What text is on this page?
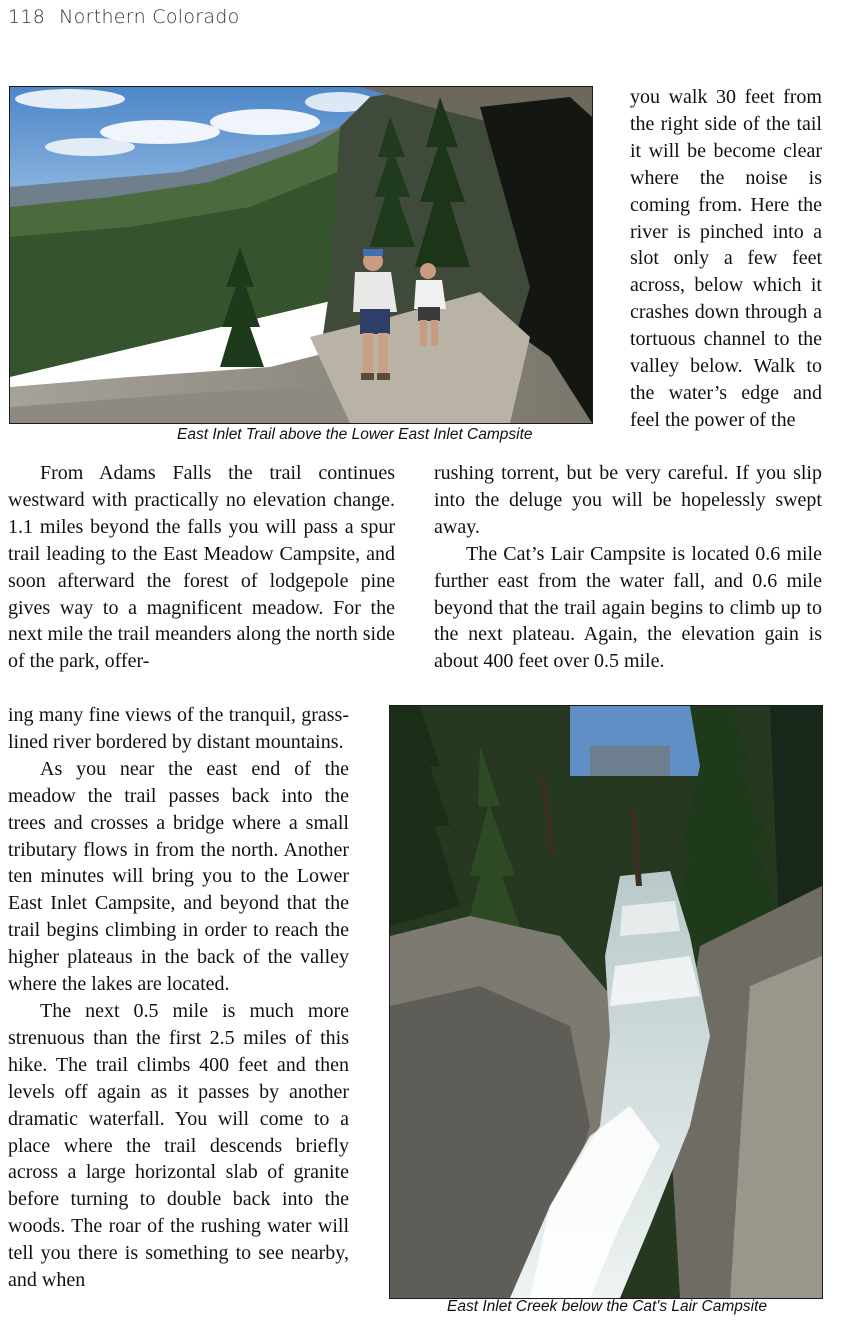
118 Northern Colorado
East Inlet Trail above the Lower East Inlet Campsite

you walk 30 feet from the right side of the tail it will be become clear where the noise is coming from. Here the river is pinched into a slot only a few feet across, below which it crashes down through a tortuous channel to the valley below. Walk to the water’s edge and feel the power of the

From Adams Falls the trail continues westward with practically no elevation change. 1.1 miles beyond the falls you will pass a spur trail leading to the East Meadow Campsite, and soon afterward the forest of lodgepole pine gives way to a magnificent meadow. For the next mile the trail meanders along the north side of the park, offer-

rushing torrent, but be very careful. If you slip into the deluge you will be hopelessly swept away.

The Cat’s Lair Campsite is located 0.6 mile further east from the water fall, and 0.6 mile beyond that the trail again begins to climb up to the next plateau. Again, the elevation gain is about 400 feet over 0.5 mile.

ing many fine views of the tranquil, grass-lined river bordered by distant mountains.

As you near the east end of the meadow the trail passes back into the trees and crosses a bridge where a small tributary flows in from the north. Another ten minutes will bring you to the Lower East Inlet Campsite, and beyond that the trail begins climbing in order to reach the higher plateaus in the back of the valley where the lakes are located.

The next 0.5 mile is much more strenuous than the first 2.5 miles of this hike. The trail climbs 400 feet and then levels off again as it passes by another dramatic waterfall. You will come to a place where the trail descends briefly across a large horizontal slab of granite before turning to double back into the woods. The roar of the rushing water will tell you there is something to see nearby, and when

East Inlet Creek below the Cat's Lair Campsite
